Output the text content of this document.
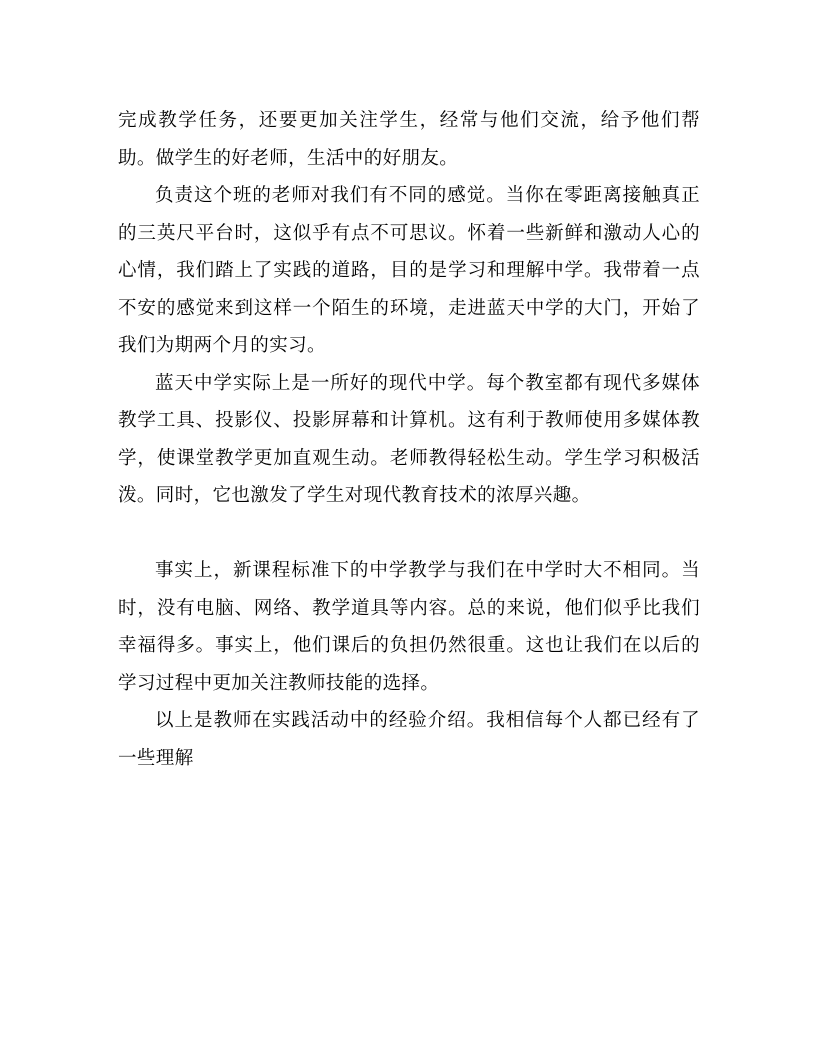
完成教学任务，还要更加关注学生，经常与他们交流，给予他们帮助。做学生的好老师，生活中的好朋友。

负责这个班的老师对我们有不同的感觉。当你在零距离接触真正的三英尺平台时，这似乎有点不可思议。怀着一些新鲜和激动人心的心情，我们踏上了实践的道路，目的是学习和理解中学。我带着一点不安的感觉来到这样一个陌生的环境，走进蓝天中学的大门，开始了我们为期两个月的实习。

蓝天中学实际上是一所好的现代中学。每个教室都有现代多媒体教学工具、投影仪、投影屏幕和计算机。这有利于教师使用多媒体教学，使课堂教学更加直观生动。老师教得轻松生动。学生学习积极活泼。同时，它也激发了学生对现代教育技术的浓厚兴趣。

事实上，新课程标准下的中学教学与我们在中学时大不相同。当时，没有电脑、网络、教学道具等内容。总的来说，他们似乎比我们幸福得多。事实上，他们课后的负担仍然很重。这也让我们在以后的学习过程中更加关注教师技能的选择。

以上是教师在实践活动中的经验介绍。我相信每个人都已经有了一些理解
